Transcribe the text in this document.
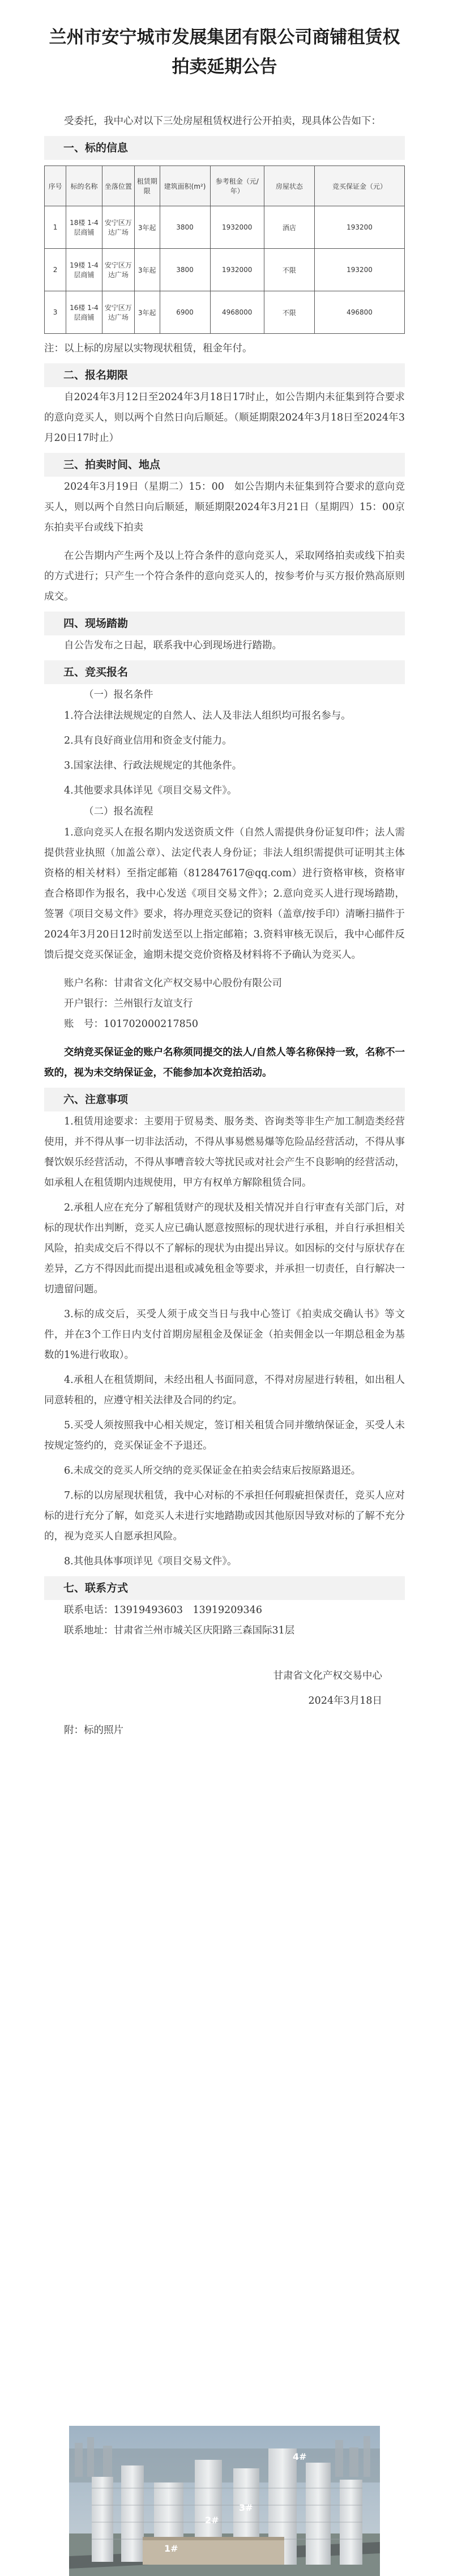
兰州市安宁城市发展集团有限公司商铺租赁权拍卖延期公告

受委托，我中心对以下三处房屋租赁权进行公开拍卖，现具体公告如下：

一、标的信息
序号	标的名称	坐落位置	租赁期限	建筑面积(m²)	参考租金（元/年）	房屋状态	竞买保证金（元）
1	18楼 1-4层商铺	安宁区万达广场	3年起	3800	1932000	酒店	193200
2	19楼 1-4层商铺	安宁区万达广场	3年起	3800	1932000	不限	193200
3	16楼 1-4层商铺	安宁区万达广场	3年起	6900	4968000	不限	496800

注：以上标的房屋以实物现状租赁，租金年付。

二、报名期限

自2024年3月12日至2024年3月18日17时止，如公告期内未征集到符合要求的意向竞买人，则以两个自然日向后顺延。（顺延期限2024年3月18日至2024年3月20日17时止）

三、拍卖时间、地点

2024年3月19日（星期二）15：00　如公告期内未征集到符合要求的意向竞买人，则以两个自然日向后顺延，顺延期限2024年3月21日（星期四）15：00京东拍卖平台或线下拍卖

在公告期内产生两个及以上符合条件的意向竞买人，采取网络拍卖或线下拍卖的方式进行；只产生一个符合条件的意向竞买人的，按参考价与买方报价熟高原则成交。

四、现场踏勘

自公告发布之日起，联系我中心到现场进行踏勘。

五、竞买报名

（一）报名条件

1.符合法律法规规定的自然人、法人及非法人组织均可报名参与。

2.具有良好商业信用和资金支付能力。

3.国家法律、行政法规规定的其他条件。

4.其他要求具体详见《项目交易文件》。

（二）报名流程

1.意向竞买人在报名期内发送资质文件（自然人需提供身份证复印件；法人需提供营业执照（加盖公章）、法定代表人身份证；非法人组织需提供可证明其主体资格的相关材料）至指定邮箱（812847617@qq.com）进行资格审核，资格审查合格即作为报名，我中心发送《项目交易文件》；2.意向竞买人进行现场踏勘，签署《项目交易文件》要求，将办理竞买登记的资料（盖章/按手印）清晰扫描件于2024年3月20日12时前发送至以上指定邮箱；3.资料审核无误后，我中心邮件反馈后提交竞买保证金，逾期未提交竞价资格及材料将不予确认为竞买人。

账户名称：甘肃省文化产权交易中心股份有限公司

开户银行：兰州银行友谊支行

账　号：101702000217850

交纳竞买保证金的账户名称须同提交的法人/自然人等名称保持一致，名称不一致的，视为未交纳保证金，不能参加本次竞拍活动。

六、注意事项

1.租赁用途要求：主要用于贸易类、服务类、咨询类等非生产加工制造类经营使用，并不得从事一切非法活动，不得从事易燃易爆等危险品经营活动，不得从事餐饮娱乐经营活动，不得从事嘈音较大等扰民或对社会产生不良影响的经营活动，如承租人在租赁期内违规使用，甲方有权单方解除租赁合同。

2.承租人应在充分了解租赁财产的现状及相关情况并自行审查有关部门后，对标的现状作出判断，竞买人应已确认愿意按照标的现状进行承租，并自行承担相关风险，拍卖成交后不得以不了解标的现状为由提出异议。如因标的交付与原状存在差异，乙方不得因此而提出退租或减免租金等要求，并承担一切责任，自行解决一切遗留问题。

3.标的成交后，买受人须于成交当日与我中心签订《拍卖成交确认书》等文件，并在3个工作日内支付首期房屋租金及保证金（拍卖佣金以一年期总租金为基数的1%进行收取）。

4.承租人在租赁期间，未经出租人书面同意，不得对房屋进行转租，如出租人同意转租的，应遵守相关法律及合同的约定。

5.买受人须按照我中心相关规定，签订相关租赁合同并缴纳保证金，买受人未按规定签约的，竞买保证金不予退还。

6.未成交的竞买人所交纳的竞买保证金在拍卖会结束后按原路退还。

7.标的以房屋现状租赁，我中心对标的不承担任何瑕疵担保责任，竞买人应对标的进行充分了解，如竞买人未进行实地踏勘或因其他原因导致对标的了解不充分的，视为竞买人自愿承担风险。

8.其他具体事项详见《项目交易文件》。

七、联系方式

联系电话：13919493603　13919209346

联系地址：甘肃省兰州市城关区庆阳路三森国际31层

甘肃省文化产权交易中心

2024年3月18日

附：标的照片

1#
2#
3#
4#
